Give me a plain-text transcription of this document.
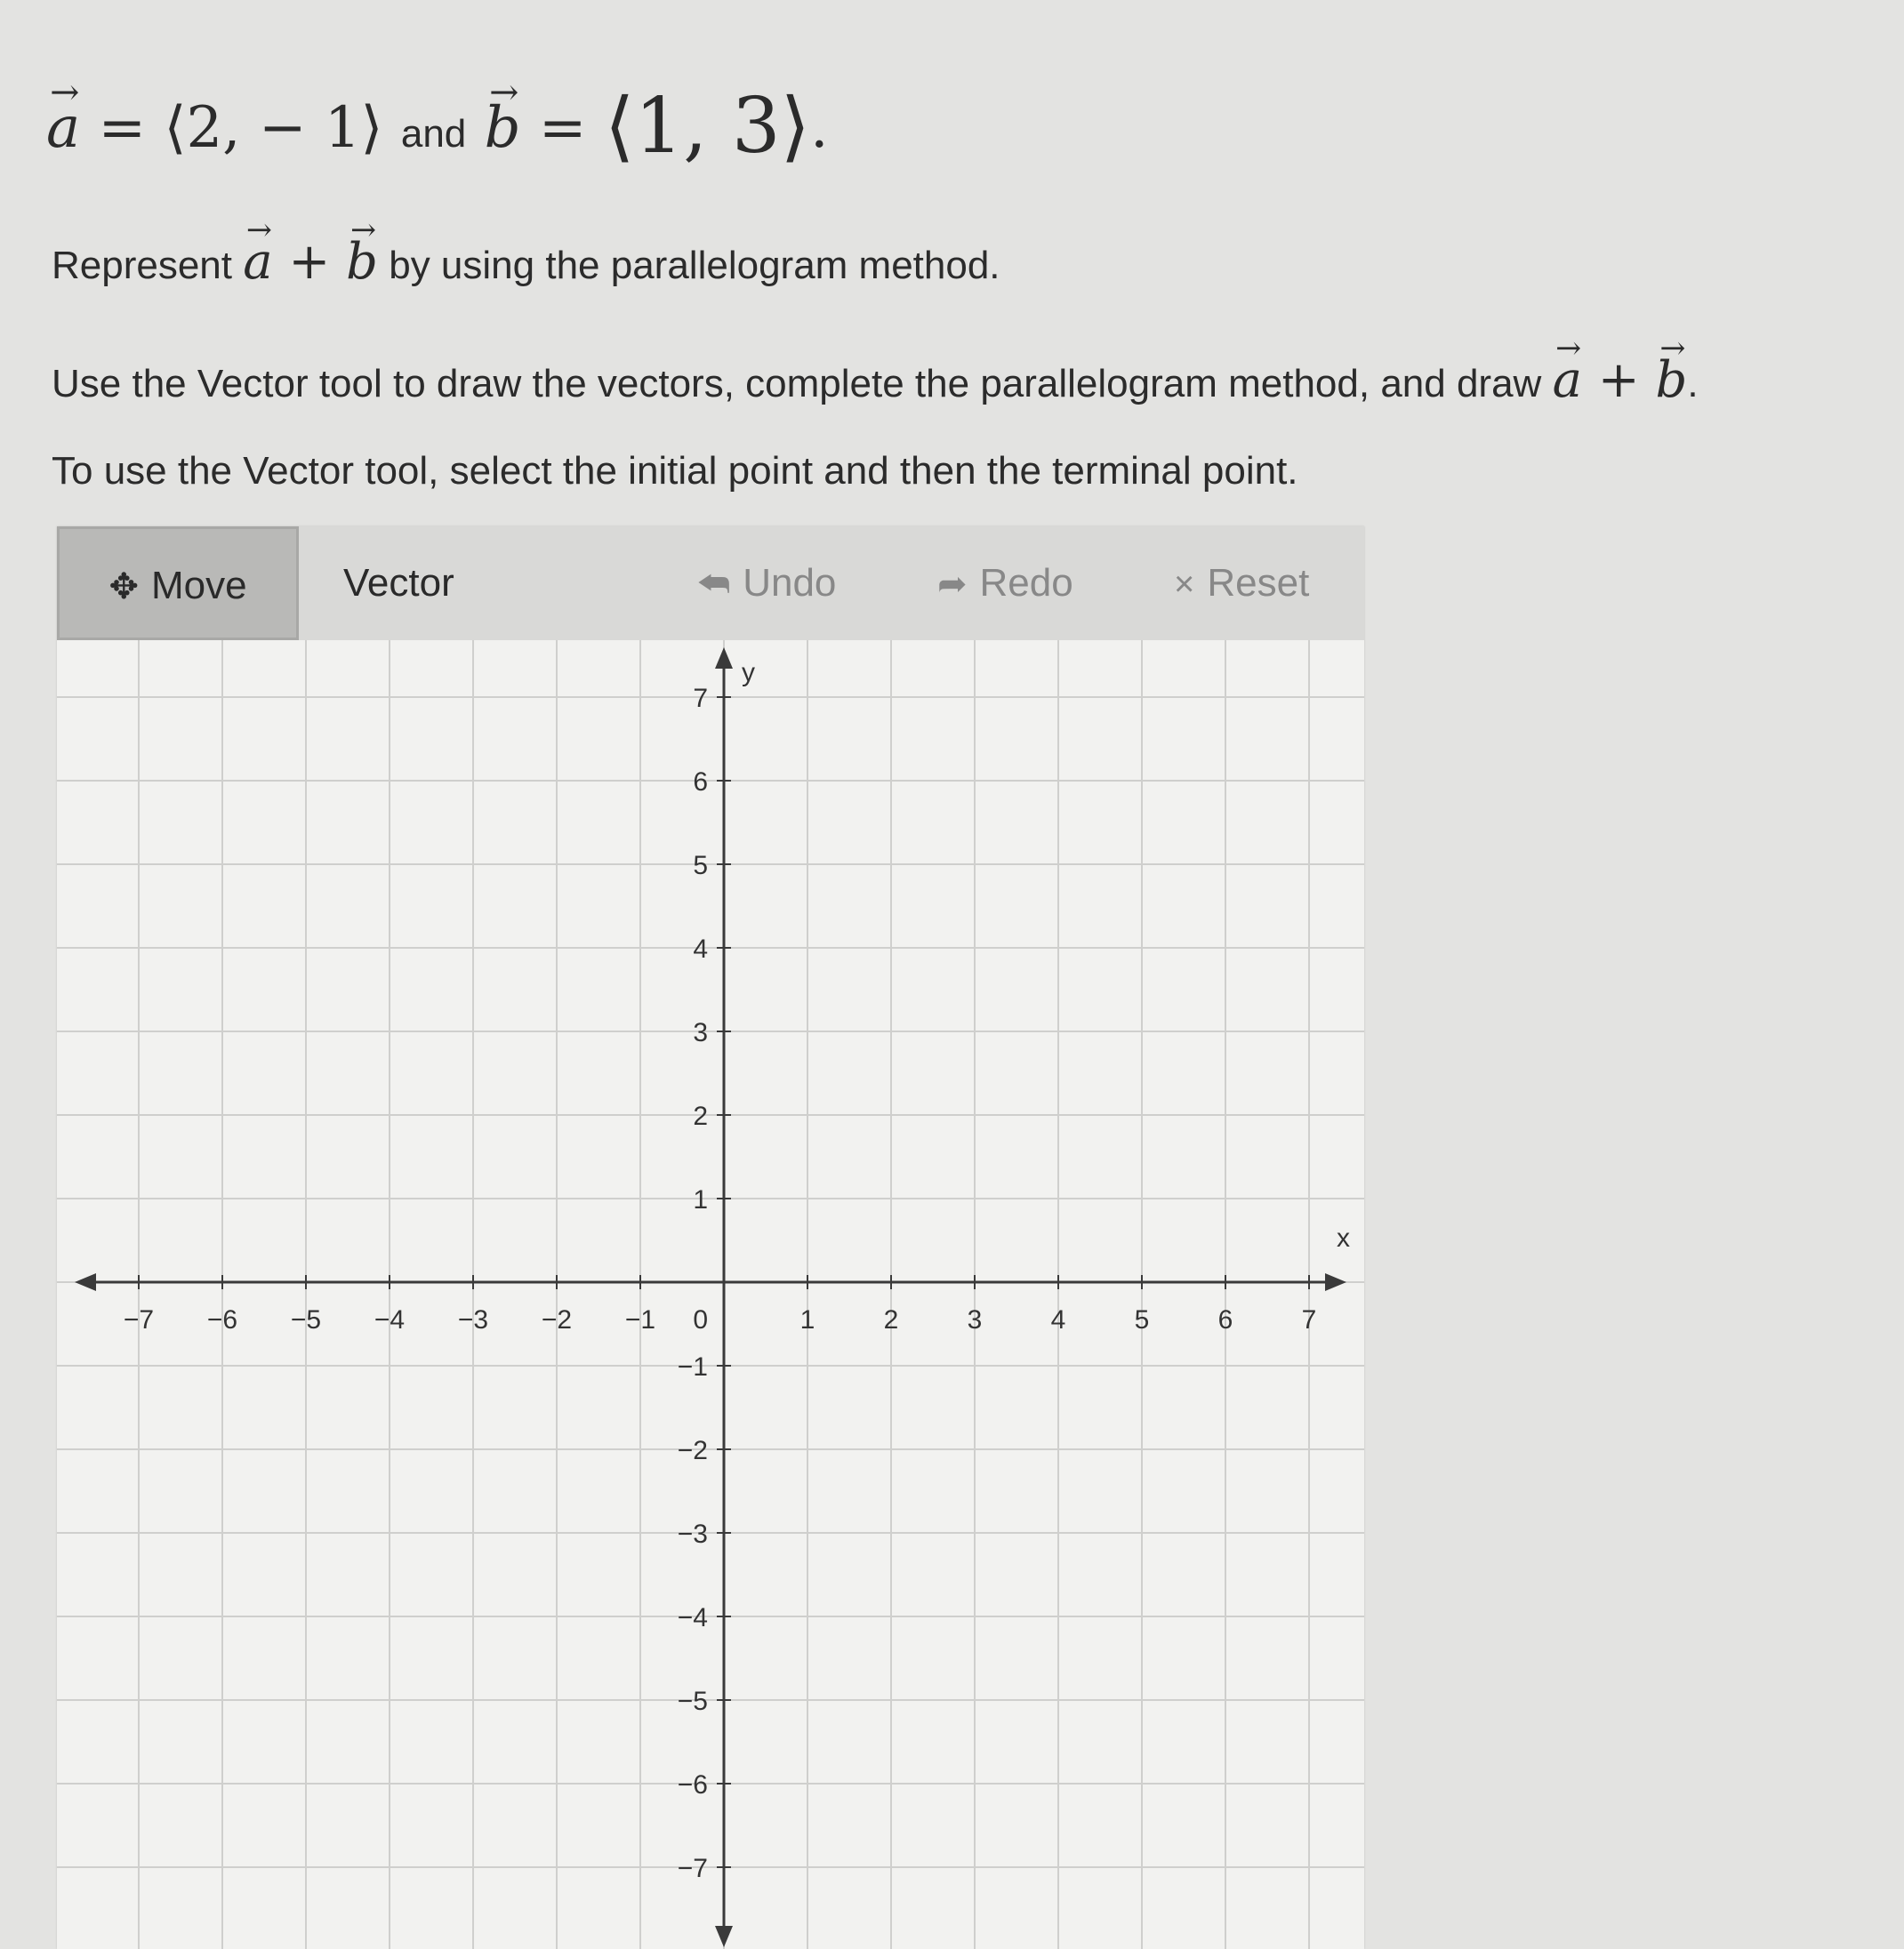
→ a = ⟨2, − 1⟩ and → b = ⟨1, 3⟩.
Represent → a + → b by using the parallelogram method.
Use the Vector tool to draw the vectors, complete the parallelogram method, and draw → a + → b.
To use the Vector tool, select the initial point and then the terminal point.
✥ Move	Vector	⮪ Undo	➦ Redo	× Reset
x
y
−7 −6 −5 −4 −3 −2 −1	1	2	3	4	5	6	7
−7
−6
−5
−4
−3
−2
−1
1
2
3
4
5
6
7
0
